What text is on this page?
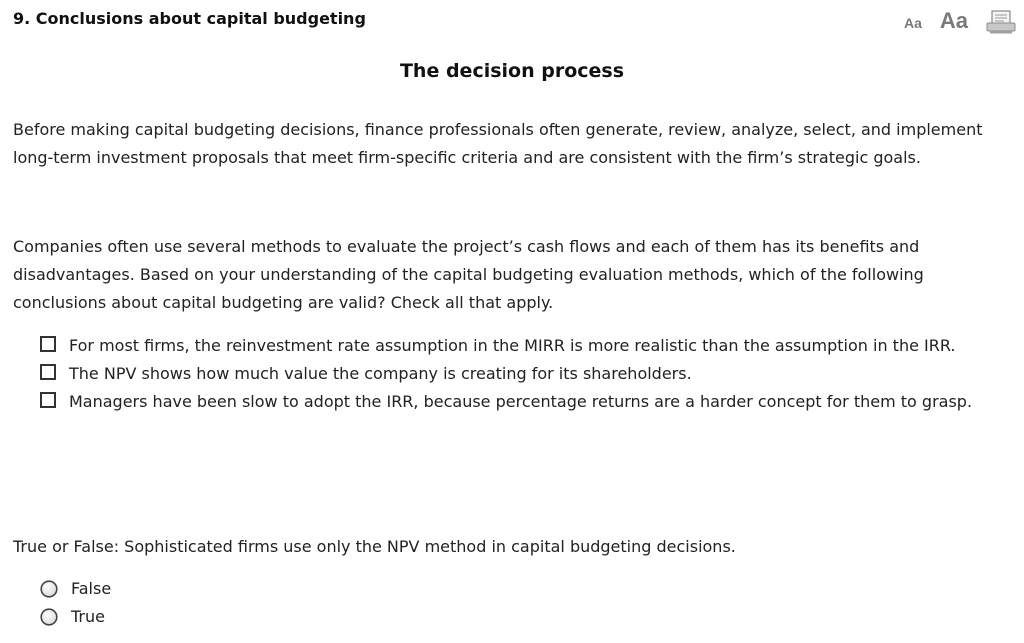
9. Conclusions about capital budgeting	Aa Aa
The decision process

Before making capital budgeting decisions, finance professionals often generate, review, analyze, select, and implement long-term investment proposals that meet firm-specific criteria and are consistent with the firm’s strategic goals.

Companies often use several methods to evaluate the project’s cash flows and each of them has its benefits and disadvantages. Based on your understanding of the capital budgeting evaluation methods, which of the following conclusions about capital budgeting are valid? Check all that apply.

For most firms, the reinvestment rate assumption in the MIRR is more realistic than the assumption in the IRR.
The NPV shows how much value the company is creating for its shareholders.
Managers have been slow to adopt the IRR, because percentage returns are a harder concept for them to grasp.

True or False: Sophisticated firms use only the NPV method in capital budgeting decisions.

False
True
